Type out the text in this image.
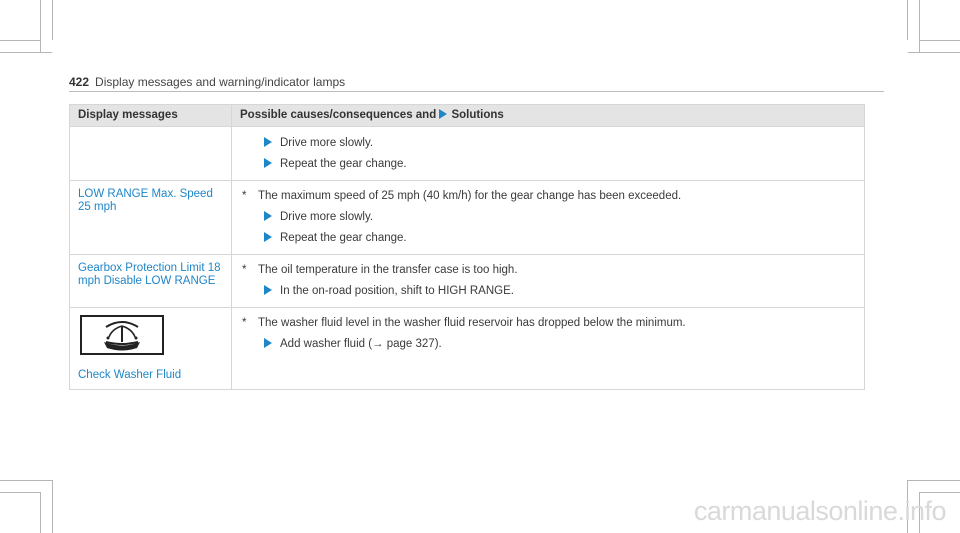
422 Display messages and warning/indicator lamps
Display messages	Possible causes/consequences and Solutions

	Drive more slowly.
Repeat the gear change.

LOW RANGE Max. Speed 25 mph	* The maximum speed of 25 mph (40 km/h) for the gear change has been exceeded.
Drive more slowly.
Repeat the gear change.

Gearbox Protection Limit 18 mph Disable LOW RANGE	* The oil temperature in the transfer case is too high.
In the on-road position, shift to HIGH RANGE.

Check Washer Fluid	* The washer fluid level in the washer fluid reservoir has dropped below the minimum.
Add washer fluid (→ page 327).
carmanualsonline.info
